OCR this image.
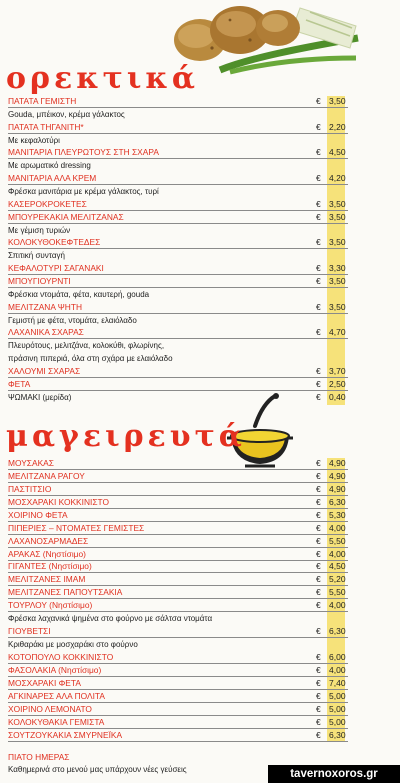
ορεκτικά
μαγειρευτά
ΠΑΤΑΤΑ ΓΕΜΙΣΤΗ	€ 3,50
Gouda, μπέικον, κρέμα γάλακτος
ΠΑΤΑΤΑ ΤΗΓΑΝΙΤΗ*	€ 2,20
Με κεφαλοτύρι
ΜΑΝΙΤΑΡΙΑ ΠΛΕΥΡΩΤΟΥΣ ΣΤΗ ΣΧΑΡΑ	€ 4,50
Με αρωματικό dressing
ΜΑΝΙΤΑΡΙΑ ΑΛΑ ΚΡΕΜ	€ 4,20
Φρέσκα μανιτάρια με κρέμα γάλακτος, τυρί
ΚΑΣΕΡΟΚΡΟΚΕΤΕΣ	€ 3,50
ΜΠΟΥΡΕΚΑΚΙΑ ΜΕΛΙΤΖΑΝΑΣ	€ 3,50
Με γέμιση τυριών
ΚΟΛΟΚΥΘΟΚΕΦΤΕΔΕΣ	€ 3,50
Σπιτική συνταγή
ΚΕΦΑΛΟΤΥΡΙ ΣΑΓΑΝΑΚΙ	€ 3,30
ΜΠΟΥΓΙΟΥΡΝΤΙ	€ 3,50
Φρέσκια ντομάτα, φέτα, καυτερή, gouda
ΜΕΛΙΤΖΑΝΑ ΨΗΤΗ	€ 3,50
Γεμιστή με φέτα, ντομάτα, ελαιόλαδο
ΛΑΧΑΝΙΚΑ ΣΧΑΡΑΣ	€ 4,70
Πλευρότους, μελιτζάνα, κολοκύθι, φλωρίνης,
πράσινη πιπεριά, όλα στη σχάρα με ελαιόλαδο
ΧΑΛΟΥΜΙ ΣΧΑΡΑΣ	€ 3,70
ΦΕΤΑ	€ 2,50
ΨΩΜΑΚΙ (μερίδα)	€ 0,40
ΜΟΥΣΑΚΑΣ	€ 4,90
ΜΕΛΙΤΖΑΝΑ ΡΑΓΟΥ	€ 4,90
ΠΑΣΤΙΤΣΙΟ	€ 4,90
ΜΟΣΧΑΡΑΚΙ ΚΟΚΚΙΝΙΣΤΟ	€ 6,30
ΧΟΙΡΙΝΟ ΦΕΤΑ	€ 5,30
ΠΙΠΕΡΙΕΣ – ΝΤΟΜΑΤΕΣ ΓΕΜΙΣΤΕΣ	€ 4,00
ΛΑΧΑΝΟΣΑΡΜΑΔΕΣ	€ 5,50
ΑΡΑΚΑΣ (Νηστίσιμο)	€ 4,00
ΓΙΓΑΝΤΕΣ (Νηστίσιμο)	€ 4,50
ΜΕΛΙΤΖΑΝΕΣ ΙΜΑΜ	€ 5,20
ΜΕΛΙΤΖΑΝΕΣ ΠΑΠΟΥΤΣΑΚΙΑ	€ 5,50
ΤΟΥΡΛΟΥ (Νηστίσιμο)	€ 4,00
Φρέσκα λαχανικά ψημένα στο φούρνο με σάλτσα ντομάτα
ΓΙΟΥΒΕΤΣΙ	€ 6,30
Κριθαράκι με μοσχαράκι στο φούρνο
ΚΟΤΟΠΟΥΛΟ ΚΟΚΚΙΝΙΣΤΟ	€ 6,00
ΦΑΣΟΛΑΚΙΑ (Νηστίσιμο)	€ 4,00
ΜΟΣΧΑΡΑΚΙ ΦΕΤΑ	€ 7,40
ΑΓΚΙΝΑΡΕΣ ΑΛΑ ΠΟΛΙΤΑ	€ 5,00
ΧΟΙΡΙΝΟ ΛΕΜΟΝΑΤΟ	€ 5,00
ΚΟΛΟΚΥΘΑΚΙΑ ΓΕΜΙΣΤΑ	€ 5,00
ΣΟΥΤΖΟΥΚΑΚΙΑ ΣΜΥΡΝΕΪΚΑ	€ 6,30
ΠΙΑΤΟ ΗΜΕΡΑΣ
Καθημερινά στο μενού μας υπάρχουν νέες γεύσεις	tavernoxoros.gr
